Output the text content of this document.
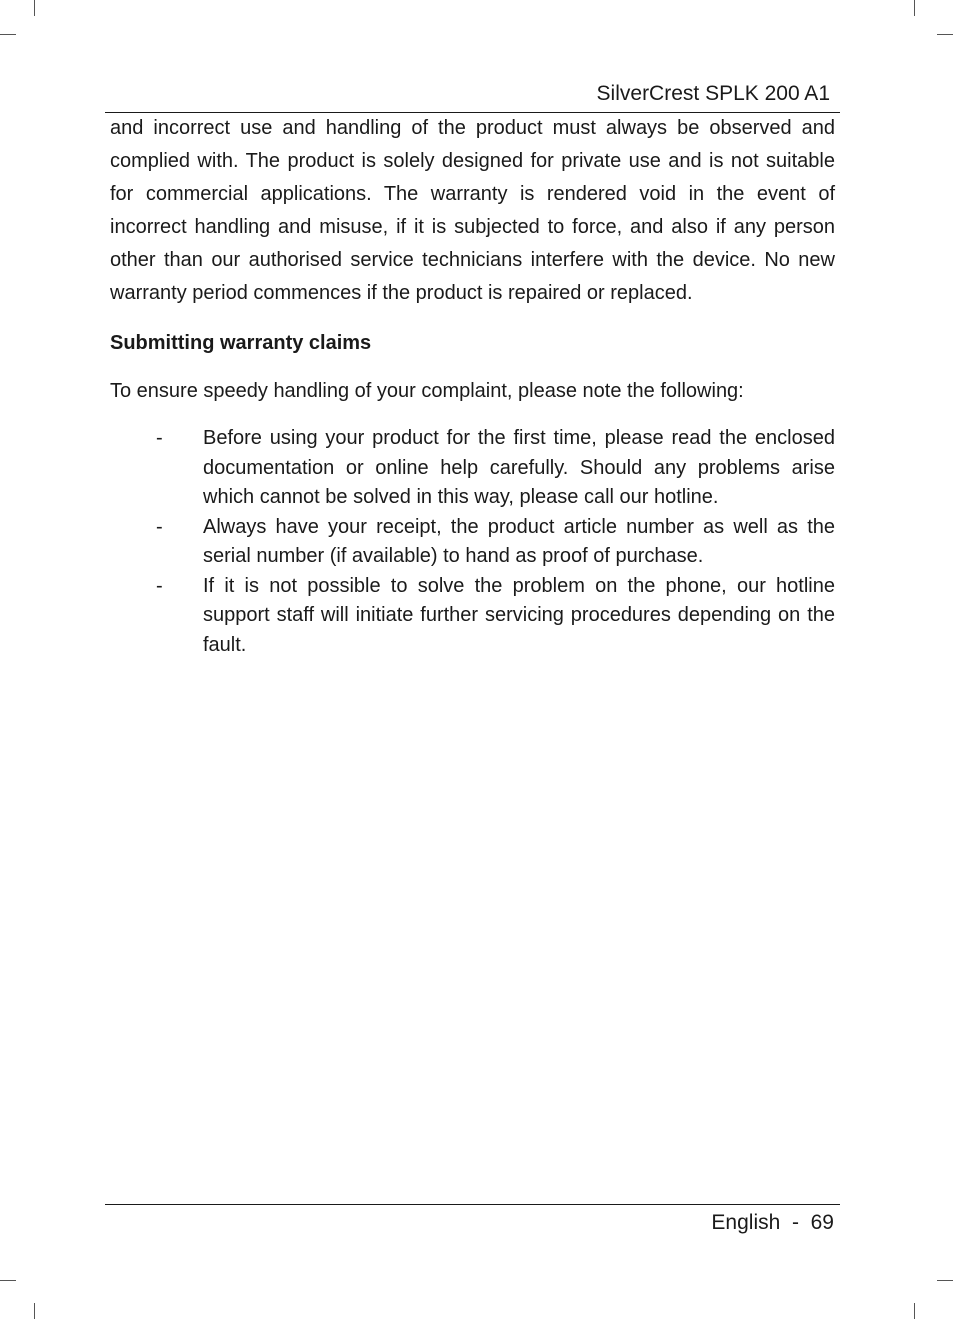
SilverCrest SPLK 200 A1

and incorrect use and handling of the product must always be observed and complied with. The product is solely designed for private use and is not suitable for commercial applications. The warranty is rendered void in the event of incorrect handling and misuse, if it is subjected to force, and also if any person other than our authorised service technicians interfere with the device. No new warranty period commences if the product is repaired or replaced.

Submitting warranty claims

To ensure speedy handling of your complaint, please note the following:

- Before using your product for the first time, please read the enclosed documentation or online help carefully. Should any problems arise which cannot be solved in this way, please call our hotline.
- Always have your receipt, the product article number as well as the serial number (if available) to hand as proof of purchase.
- If it is not possible to solve the problem on the phone, our hotline support staff will initiate further servicing procedures depending on the fault.
English  -  69
